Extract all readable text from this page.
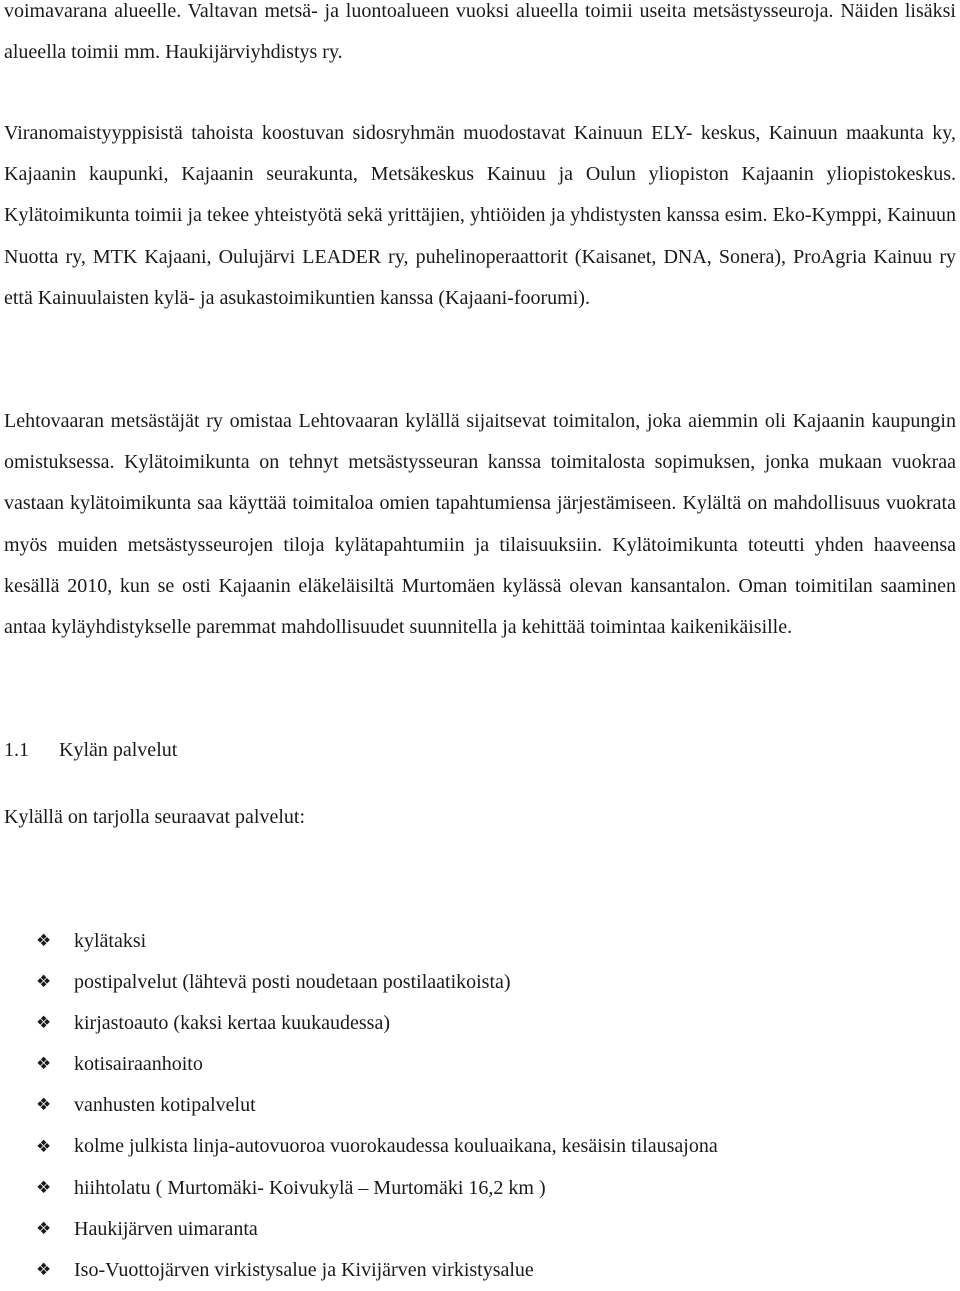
voimavarana alueelle. Valtavan metsä- ja luontoalueen vuoksi alueella toimii useita metsästysseuroja. Näiden lisäksi alueella toimii mm. Haukijärviyhdistys ry.

Viranomaistyyppisistä tahoista koostuvan sidosryhmän muodostavat Kainuun ELY- keskus, Kainuun maakunta ky, Kajaanin kaupunki, Kajaanin seurakunta, Metsäkeskus Kainuu ja Oulun yliopiston Kajaanin yliopistokeskus. Kylätoimikunta toimii ja tekee yhteistyötä sekä yrittäjien, yhtiöiden ja yhdistysten kanssa esim. Eko-Kymppi, Kainuun Nuotta ry, MTK Kajaani, Oulujärvi LEADER ry, puhelinoperaattorit (Kaisanet, DNA, Sonera), ProAgria Kainuu ry että Kainuulaisten kylä- ja asukastoimikuntien kanssa (Kajaani-foorumi).

Lehtovaaran metsästäjät ry omistaa Lehtovaaran kylällä sijaitsevat toimitalon, joka aiemmin oli Kajaanin kaupungin omistuksessa. Kylätoimikunta on tehnyt metsästysseuran kanssa toimitalosta sopimuksen, jonka mukaan vuokraa vastaan kylätoimikunta saa käyttää toimitaloa omien tapahtumiensa järjestämiseen. Kylältä on mahdollisuus vuokrata myös muiden metsästysseurojen tiloja kylätapahtumiin ja tilaisuuksiin. Kylätoimikunta toteutti yhden haaveensa kesällä 2010, kun se osti Kajaanin eläkeläisiltä Murtomäen kylässä olevan kansantalon. Oman toimitilan saaminen antaa kyläyhdistykselle paremmat mahdollisuudet suunnitella ja kehittää toimintaa kaikenikäisille.

1.1 Kylän palvelut
Kylällä on tarjolla seuraavat palvelut:
❖	kylätaksi
❖	postipalvelut (lähtevä posti noudetaan postilaatikoista)
❖	kirjastoauto (kaksi kertaa kuukaudessa)
❖	kotisairaanhoito
❖	vanhusten kotipalvelut
❖	kolme julkista linja-autovuoroa vuorokaudessa kouluaikana, kesäisin tilausajona
❖	hiihtolatu ( Murtomäki- Koivukylä – Murtomäki 16,2 km )
❖	Haukijärven uimaranta
❖	Iso-Vuottojärven virkistysalue ja Kivijärven virkistysalue
